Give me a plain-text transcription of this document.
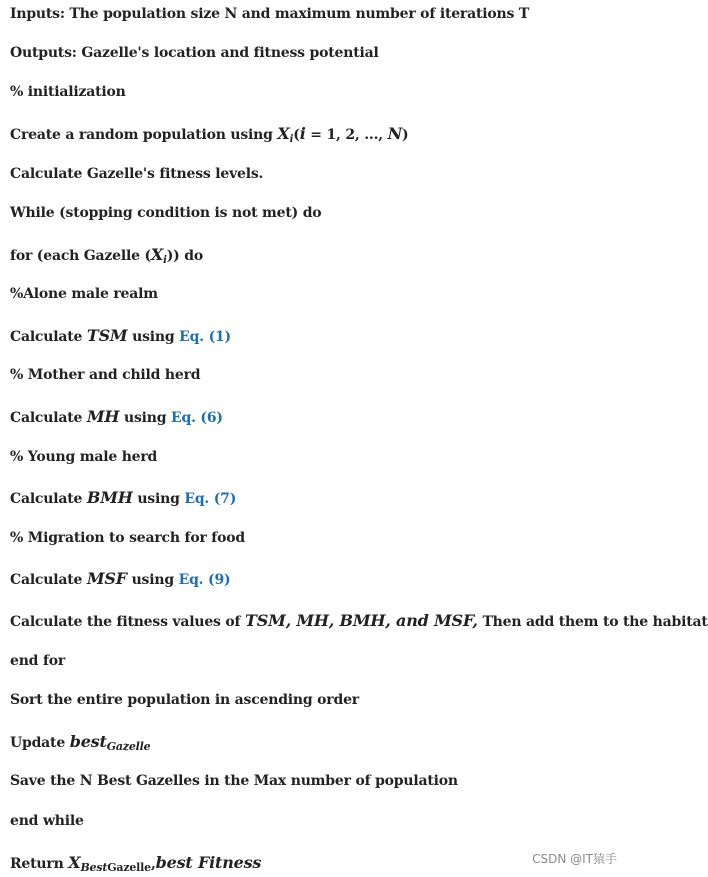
Inputs: The population size N and maximum number of iterations T
Outputs: Gazelle's location and fitness potential
% initialization
Create a random population using $X_i(i = 1$, 2, ..., N)
Calculate Gazelle's fitness levels.
While (stopping condition is not met) do
for (each Gazelle $(X_i)$) do
%Alone male realm
Calculate TSM using Eq. (1)
% Mother and child herd
Calculate MH using Eq. (6)
% Young male herd
Calculate BMH using Eq. (7)
% Migration to search for food
Calculate MSF using Eq. (9)
Calculate the fitness values of TSM, MH, BMH, and MSF, Then add them to the habitat
end for
Sort the entire population in ascending order
Update best$_{Gazelle}$
Save the N Best Gazelles in the Max number of population
end while
Return $X_{BestGazelle},best$ Fitness	CSDN @IT猿手
